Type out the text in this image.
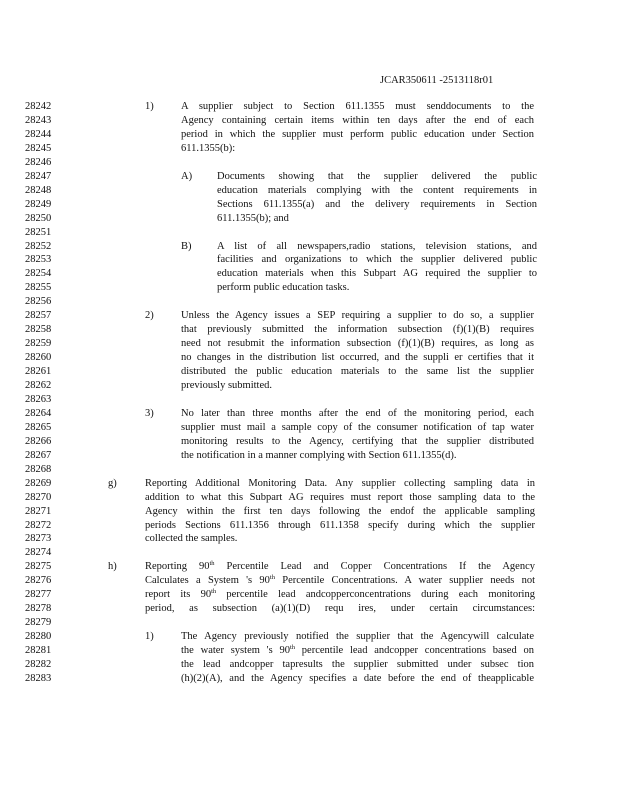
JCAR350611 -2513118r01
28242	1)	A supplier subject to Section 611.1355 must senddocuments to the
28243	Agency containing certain items within ten days after the end of each
28244	period in which the supplier must perform public education under Section
28245	611.1355(b):
28246
28247	A) Documents showing that the supplier delivered the public
28248	education materials complying with the content requirements in
28249	Sections 611.1355(a) and the delivery requirements in Section
28250	611.1355(b); and
28251
28252	B) A list of all newspapers,radio stations, television stations, and
28253	facilities and organizations to which the supplier delivered public
28254	education materials when this Subpart AG required the supplier to
28255	perform public education tasks.
28256
28257	2)	Unless the Agency issues a SEP requiring a supplier to do so, a supplier
28258	that previously submitted the information subsection (f)(1)(B) requires
28259	need not resubmit the information subsection (f)(1)(B) requires, as long as
28260	no changes in the distribution list occurred, and the suppli er certifies that it
28261	distributed the public education materials to the same list the supplier
28262	previously submitted.
28263
28264	3)	No later than three months after the end of the monitoring period, each
28265	supplier must mail a sample copy of the consumer notification of tap water
28266	monitoring results to the Agency, certifying that the supplier distributed
28267	the notification in a manner complying with Section 611.1355(d).
28268
28269	g)	Reporting Additional Monitoring Data. Any supplier collecting sampling data in
28270	addition to what this Subpart AG requires must report those sampling data to the
28271	Agency within the first ten days following the endof the applicable sampling
28272	periods Sections 611.1356 through 611.1358 specify during which the supplier
28273	collected the samples.
28274
28275	h)	Reporting 90th Percentile Lead and Copper Concentrations If the Agency
28276	Calculates a System 's 90th Percentile Concentrations. A water supplier needs not
28277	report its 90th percentile lead andcopperconcentrations during each monitoring
28278	period, as subsection (a)(1)(D) requ ires, under certain circumstances:
28279
28280	1)	The Agency previously notified the supplier that the Agencywill calculate
28281	the water system 's 90th percentile lead andcopper concentrations based on
28282	the lead andcopper tapresults the supplier submitted under subsec tion
28283	(h)(2)(A), and the Agency specifies a date before the end of theapplicable
